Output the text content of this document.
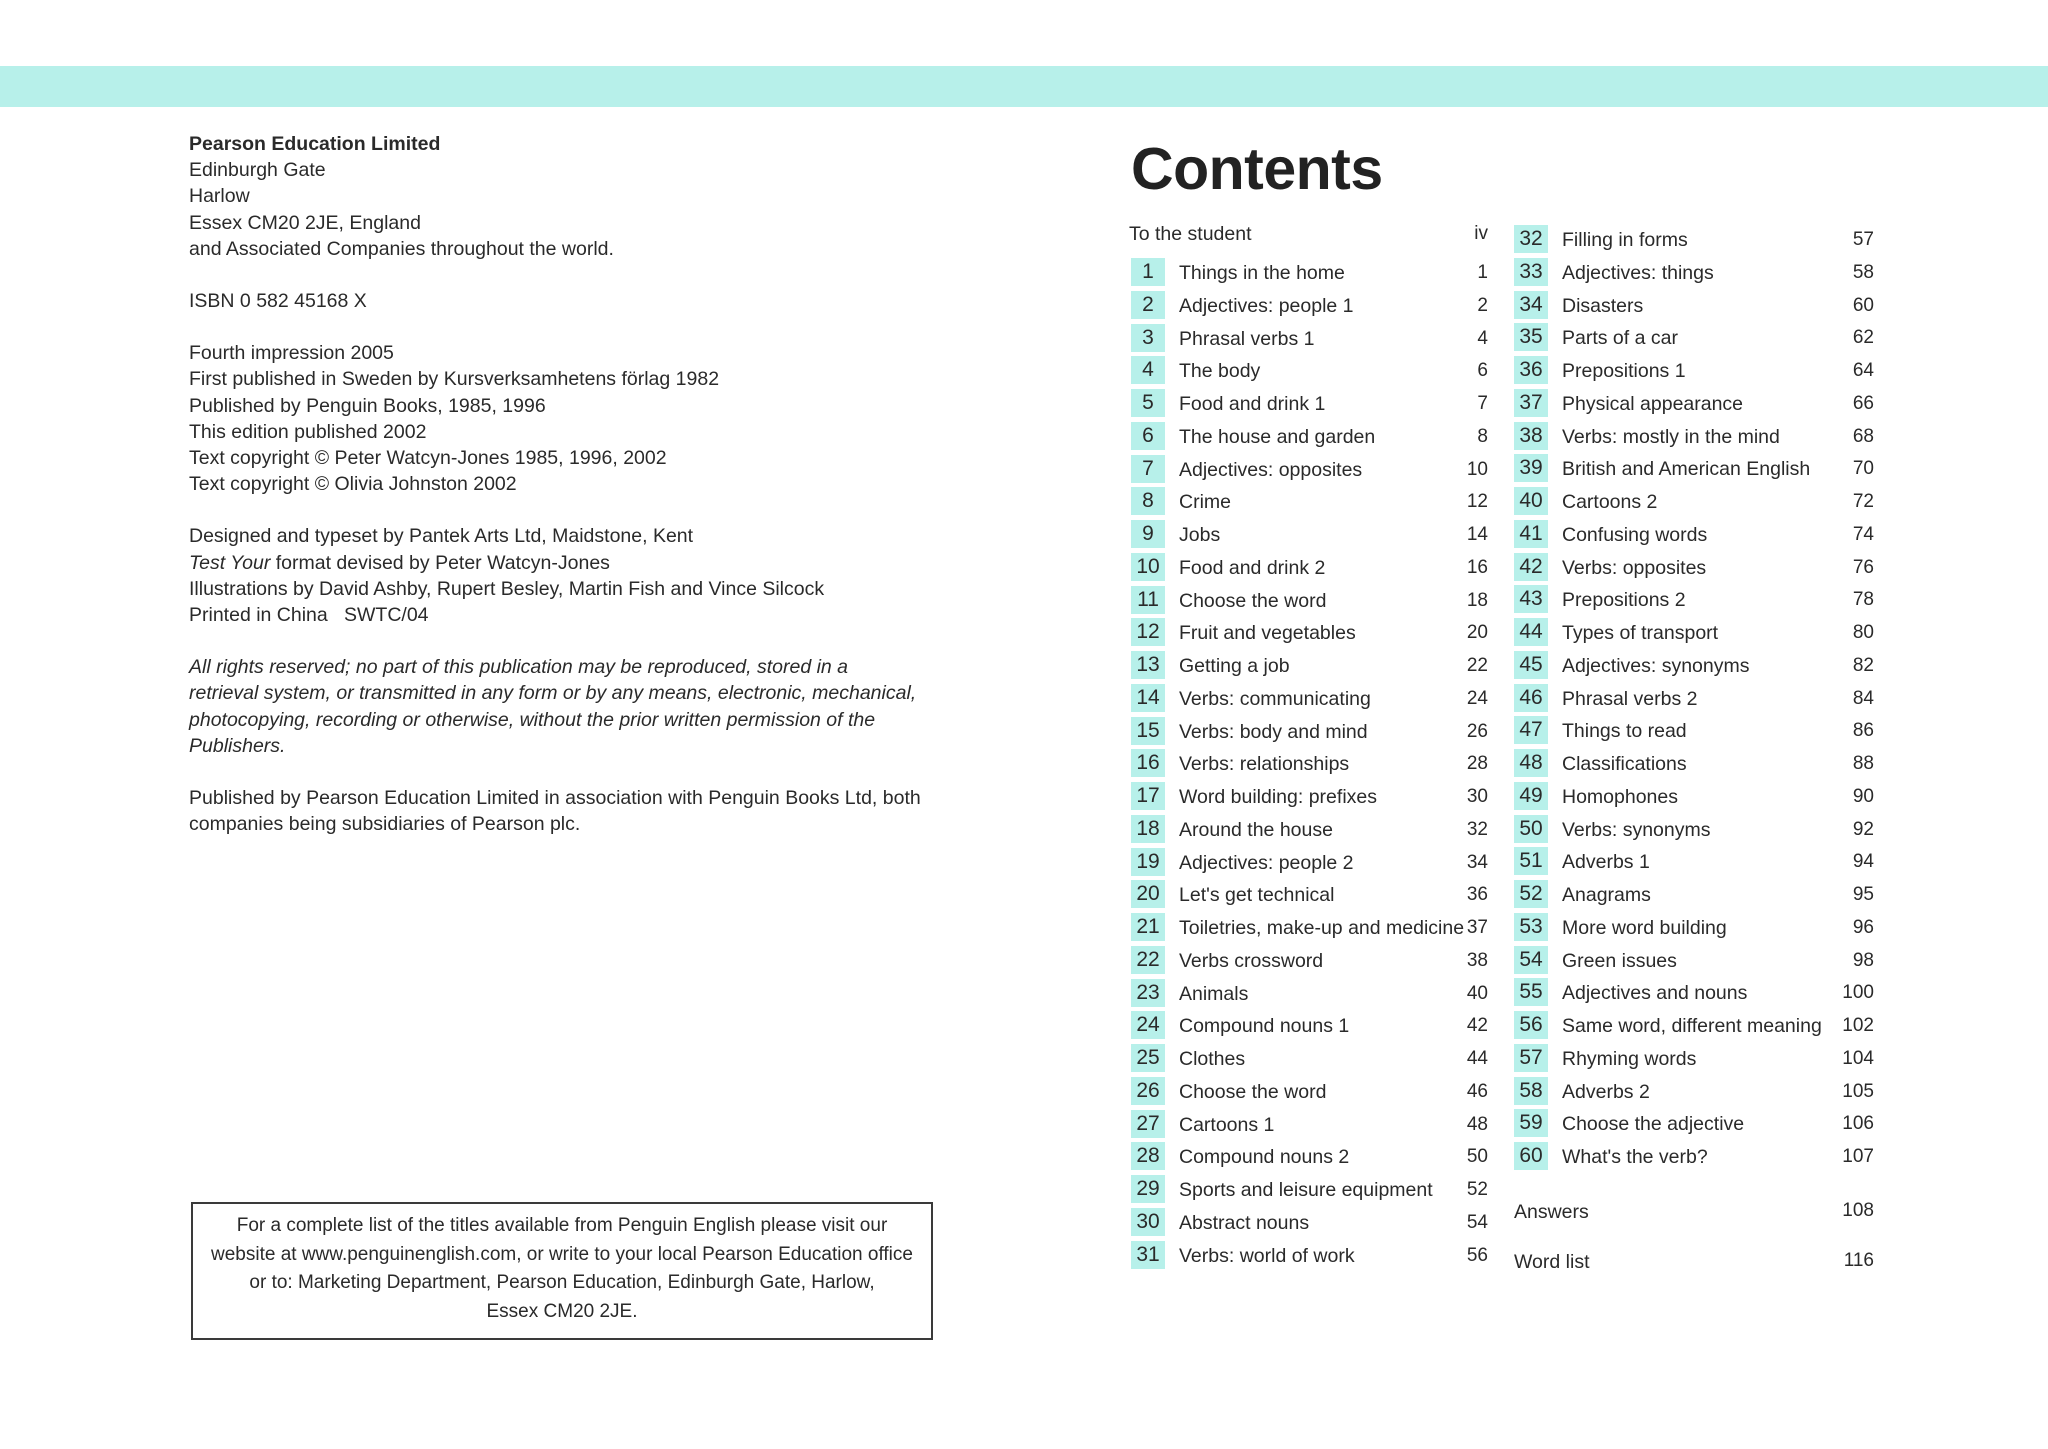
Pearson Education Limited
Edinburgh Gate
Harlow
Essex CM20 2JE, England
and Associated Companies throughout the world.
ISBN 0 582 45168 X
Fourth impression 2005
First published in Sweden by Kursverksamhetens förlag 1982
Published by Penguin Books, 1985, 1996
This edition published 2002
Text copyright © Peter Watcyn-Jones 1985, 1996, 2002
Text copyright © Olivia Johnston 2002
Designed and typeset by Pantek Arts Ltd, Maidstone, Kent
Test Your format devised by Peter Watcyn-Jones
Illustrations by David Ashby, Rupert Besley, Martin Fish and Vince Silcock
Printed in China   SWTC/04
All rights reserved; no part of this publication may be reproduced, stored in a retrieval system, or transmitted in any form or by any means, electronic, mechanical, photocopying, recording or otherwise, without the prior written permission of the Publishers.
Published by Pearson Education Limited in association with Penguin Books Ltd, both companies being subsidiaries of Pearson plc.
For a complete list of the titles available from Penguin English please visit our
website at www.penguinenglish.com, or write to your local Pearson Education office
or to: Marketing Department, Pearson Education, Edinburgh Gate, Harlow,
Essex CM20 2JE.
Contents
To the student	iv
1	Things in the home	1
2	Adjectives: people 1	2
3	Phrasal verbs 1	4
4	The body	6
5	Food and drink 1	7
6	The house and garden	8
7	Adjectives: opposites	10
8	Crime	12
9	Jobs	14
10 Food and drink 2	16
11	Choose the word	18
12 Fruit and vegetables	20
13 Getting a job	22
14 Verbs: communicating	24
15 Verbs: body and mind	26
16 Verbs: relationships	28
17 Word building: prefixes	30
18 Around the house	32
19 Adjectives: people 2	34
20 Let's get technical	36
21 Toiletries, make-up and medicine 37
22 Verbs crossword	38
23 Animals	40
24 Compound nouns 1	42
25 Clothes	44
26 Choose the word	46
27 Cartoons 1	48
28 Compound nouns 2	50
29 Sports and leisure equipment 52
30 Abstract nouns	54
31 Verbs: world of work	56
32 Filling in forms	57
33 Adjectives: things	58
34 Disasters	60
35 Parts of a car	62
36 Prepositions 1	64
37 Physical appearance	66
38 Verbs: mostly in the mind	68
39 British and American English 70
40 Cartoons 2	72
41 Confusing words	74
42 Verbs: opposites	76
43 Prepositions 2	78
44 Types of transport	80
45 Adjectives: synonyms	82
46 Phrasal verbs 2	84
47 Things to read	86
48 Classifications	88
49 Homophones	90
50 Verbs: synonyms	92
51 Adverbs 1	94
52 Anagrams	95
53 More word building	96
54 Green issues	98
55 Adjectives and nouns	100
56 Same word, different meaning 102
57 Rhyming words	104
58 Adverbs 2	105
59 Choose the adjective	106
60 What's the verb?	107
Answers	108
Word list	116
